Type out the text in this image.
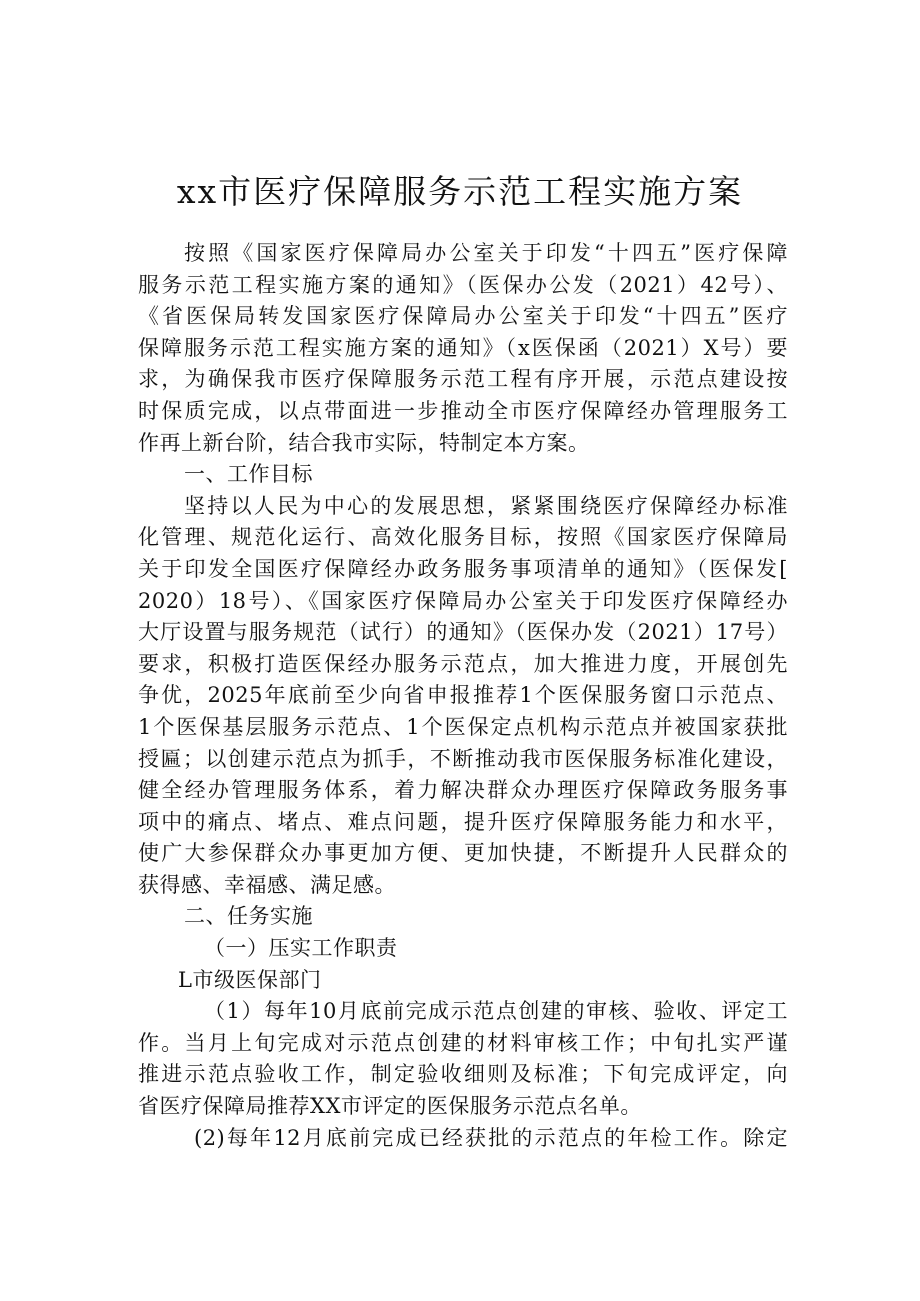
xx市医疗保障服务示范工程实施方案
按照《国家医疗保障局办公室关于印发“十四五”医疗保障
服务示范工程实施方案的通知》（医保办公发（2021）42号）、
《省医保局转发国家医疗保障局办公室关于印发“十四五”医疗
保障服务示范工程实施方案的通知》（x医保函（2021）X号）要
求，为确保我市医疗保障服务示范工程有序开展，示范点建设按
时保质完成，以点带面进一步推动全市医疗保障经办管理服务工
作再上新台阶，结合我市实际，特制定本方案。
一、工作目标
坚持以人民为中心的发展思想，紧紧围绕医疗保障经办标准
化管理、规范化运行、高效化服务目标，按照《国家医疗保障局
关于印发全国医疗保障经办政务服务事项清单的通知》（医保发[
2020）18号）、《国家医疗保障局办公室关于印发医疗保障经办
大厅设置与服务规范（试行）的通知》（医保办发（2021）17号）
要求，积极打造医保经办服务示范点，加大推进力度，开展创先
争优，2025年底前至少向省申报推荐1个医保服务窗口示范点、
1个医保基层服务示范点、1个医保定点机构示范点并被国家获批
授匾；以创建示范点为抓手，不断推动我市医保服务标准化建设，
健全经办管理服务体系，着力解决群众办理医疗保障政务服务事
项中的痛点、堵点、难点问题，提升医疗保障服务能力和水平，
使广大参保群众办事更加方便、更加快捷，不断提升人民群众的
获得感、幸福感、满足感。
二、任务实施
（一）压实工作职责
L市级医保部门
（1）每年10月底前完成示范点创建的审核、验收、评定工
作。当月上旬完成对示范点创建的材料审核工作；中旬扎实严谨
推进示范点验收工作，制定验收细则及标准；下旬完成评定，向
省医疗保障局推荐XX市评定的医保服务示范点名单。
(2)每年12月底前完成已经获批的示范点的年检工作。除定
